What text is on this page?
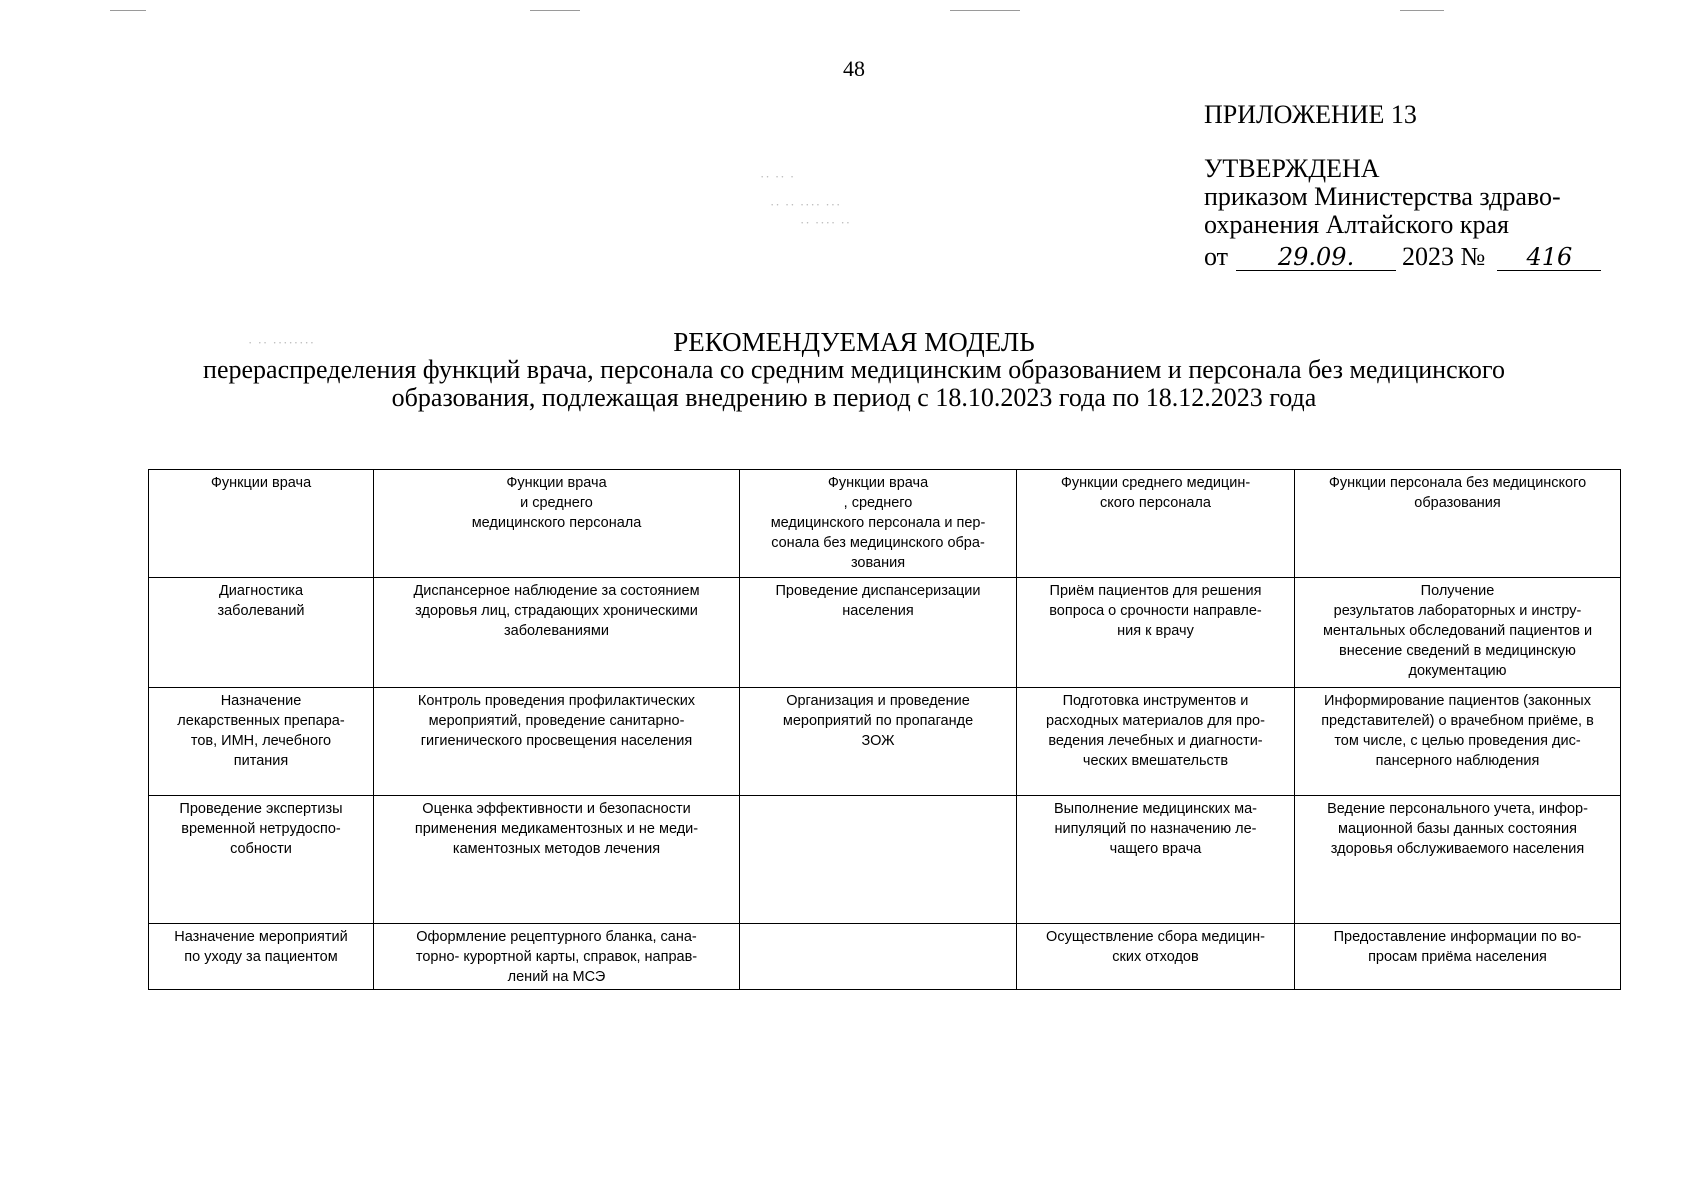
48
ПРИЛОЖЕНИЕ 13
·· ·· ·
·· ·· ···· ···
·· ···· ··
· ·· ········
УТВЕРЖДЕНА
приказом Министерства здраво-
охранения Алтайского края
от	29.09.	2023 №	416
РЕКОМЕНДУЕМАЯ МОДЕЛЬ
перераспределения функций врача, персонала со средним медицинским образованием и персонала без медицинского
образования, подлежащая внедрению в период с 18.10.2023 года по 18.12.2023 года
Функции врача	Функции врача
и среднего
медицинского персонала	Функции врача
, среднего
медицинского персонала и пер-
сонала без медицинского обра-
зования	Функции среднего медицин-
ского персонала	Функции персонала без медицинского
образования
Диагностика
заболеваний	Диспансерное наблюдение за состоянием
здоровья лиц, страдающих хроническими
заболеваниями	Проведение диспансеризации
населения	Приём пациентов для решения
вопроса о срочности направле-
ния к врачу	Получение
результатов лабораторных и инстру-
ментальных обследований пациентов и
внесение сведений в медицинскую
документацию
Назначение
лекарственных препара-
тов, ИМН, лечебного
питания	Контроль проведения профилактических
мероприятий, проведение санитарно-
гигиенического просвещения населения	Организация и проведение
мероприятий по пропаганде
ЗОЖ	Подготовка инструментов и
расходных материалов для про-
ведения лечебных и диагности-
ческих вмешательств	Информирование пациентов (законных
представителей) о врачебном приёме, в
том числе, с целью проведения дис-
пансерного наблюдения
Проведение экспертизы
временной нетрудоспо-
собности	Оценка эффективности и безопасности
применения медикаментозных и не меди-
каментозных методов лечения		Выполнение медицинских ма-
нипуляций по назначению ле-
чащего врача	Ведение персонального учета, инфор-
мационной базы данных состояния
здоровья обслуживаемого населения
Назначение мероприятий
по уходу за пациентом	Оформление рецептурного бланка, сана-
торно- курортной карты, справок, направ-
лений на МСЭ		Осуществление сбора медицин-
ских отходов	Предоставление информации по во-
просам приёма населения
